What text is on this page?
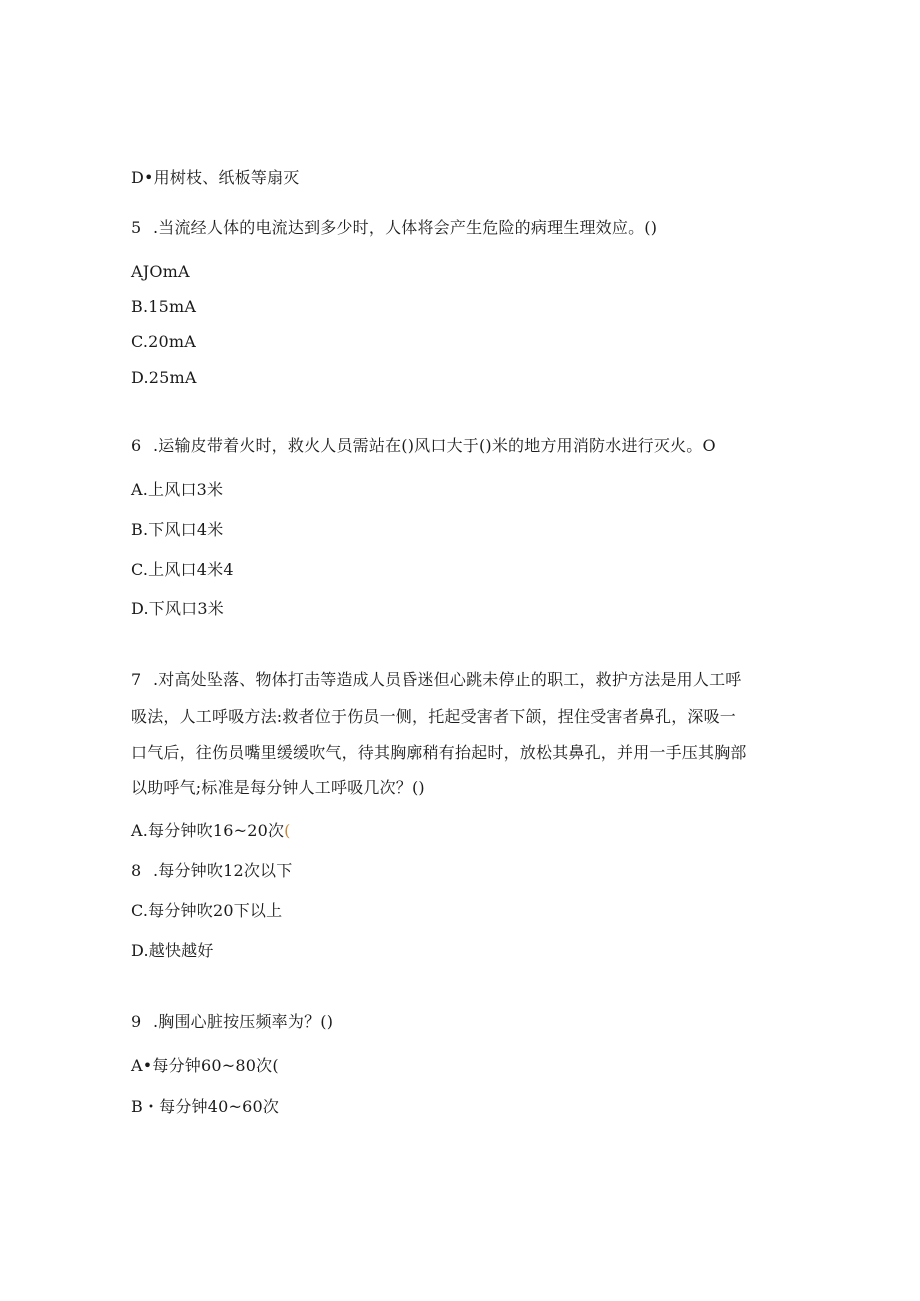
D•用树枝、纸板等扇灭
5 .当流经人体的电流达到多少时，人体将会产生危险的病理生理效应。()
AJOmA
B.15mA
C.20mA
D.25mA
6 .运输皮带着火时，救火人员需站在()风口大于()米的地方用消防水进行灭火。O
A.上风口3米
B.下风口4米
C.上风口4米4
D.下风口3米
7 .对高处坠落、物体打击等造成人员昏迷但心跳未停止的职工，救护方法是用人工呼
吸法，人工呼吸方法:救者位于伤员一侧，托起受害者下颌，捏住受害者鼻孔，深吸一
口气后，往伤员嘴里缓缓吹气，待其胸廓稍有抬起时，放松其鼻孔，并用一手压其胸部
以助呼气;标准是每分钟人工呼吸几次？()
A.每分钟吹16~20次(
8 .每分钟吹12次以下
C.每分钟吹20下以上
D.越快越好
9 .胸围心脏按压频率为？()
A•每分钟60~80次(
B・每分钟40~60次
